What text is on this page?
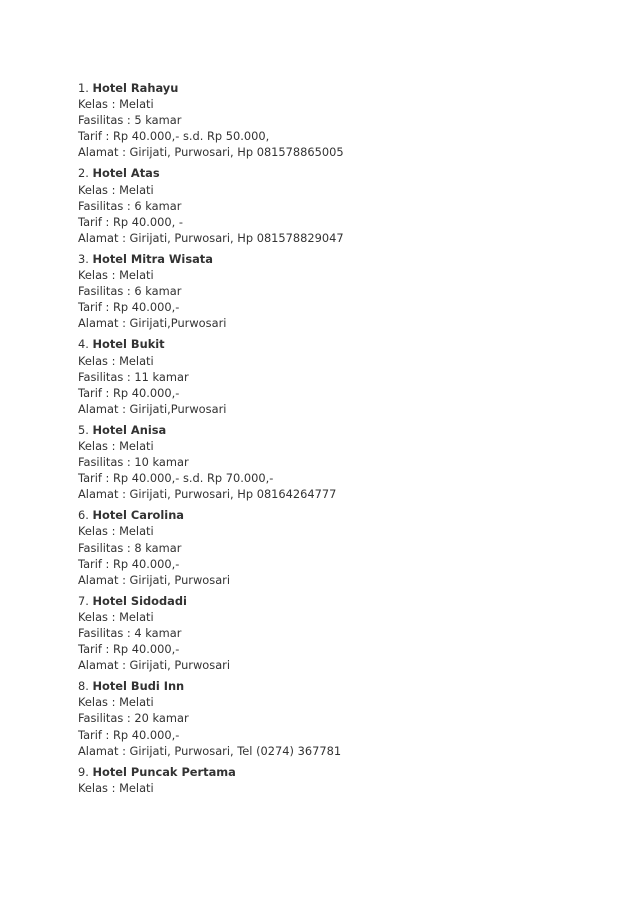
1. Hotel Rahayu
Kelas : Melati
Fasilitas : 5 kamar
Tarif : Rp 40.000,- s.d. Rp 50.000,
Alamat : Girijati, Purwosari, Hp 081578865005
2. Hotel Atas
Kelas : Melati
Fasilitas : 6 kamar
Tarif : Rp 40.000, -
Alamat : Girijati, Purwosari, Hp 081578829047
3. Hotel Mitra Wisata
Kelas : Melati
Fasilitas : 6 kamar
Tarif : Rp 40.000,-
Alamat : Girijati,Purwosari
4. Hotel Bukit
Kelas : Melati
Fasilitas : 11 kamar
Tarif : Rp 40.000,-
Alamat : Girijati,Purwosari
5. Hotel Anisa
Kelas : Melati
Fasilitas : 10 kamar
Tarif : Rp 40.000,- s.d. Rp 70.000,-
Alamat : Girijati, Purwosari, Hp 08164264777
6. Hotel Carolina
Kelas : Melati
Fasilitas : 8 kamar
Tarif : Rp 40.000,-
Alamat : Girijati, Purwosari
7. Hotel Sidodadi
Kelas : Melati
Fasilitas : 4 kamar
Tarif : Rp 40.000,-
Alamat : Girijati, Purwosari
8. Hotel Budi Inn
Kelas : Melati
Fasilitas : 20 kamar
Tarif : Rp 40.000,-
Alamat : Girijati, Purwosari, Tel (0274) 367781
9. Hotel Puncak Pertama
Kelas : Melati
